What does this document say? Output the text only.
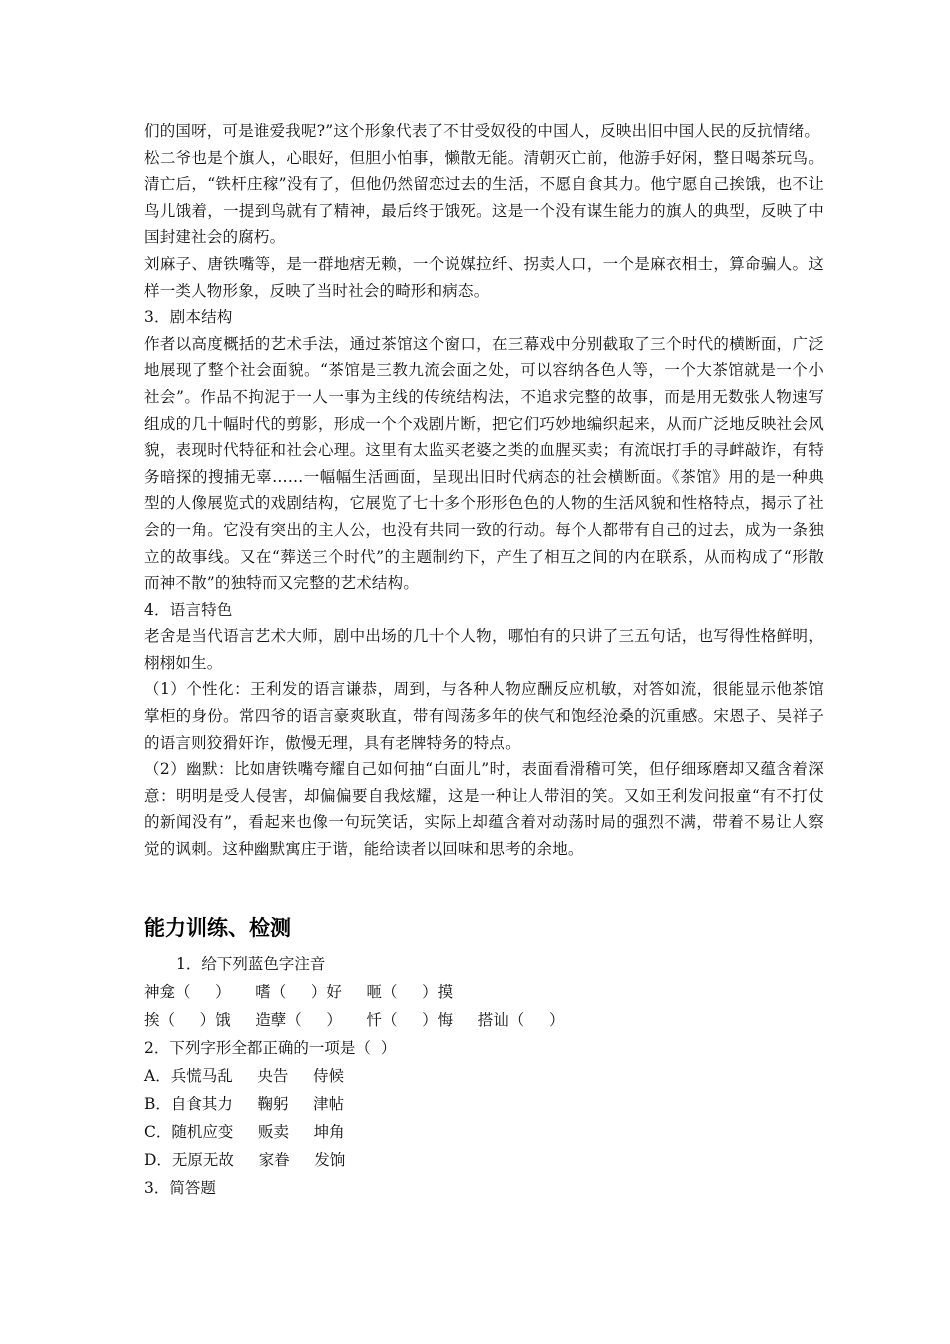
们的国呀，可是谁爱我呢?”这个形象代表了不甘受奴役的中国人，反映出旧中国人民的反抗情绪。

松二爷也是个旗人，心眼好，但胆小怕事，懒散无能。清朝灭亡前，他游手好闲，整日喝茶玩鸟。清亡后，“铁杆庄稼”没有了，但他仍然留恋过去的生活，不愿自食其力。他宁愿自己挨饿，也不让鸟儿饿着，一提到鸟就有了精神，最后终于饿死。这是一个没有谋生能力的旗人的典型，反映了中国封建社会的腐朽。

刘麻子、唐铁嘴等，是一群地痞无赖，一个说媒拉纤、拐卖人口，一个是麻衣相士，算命骗人。这样一类人物形象，反映了当时社会的畸形和病态。

3．剧本结构

作者以高度概括的艺术手法，通过茶馆这个窗口，在三幕戏中分别截取了三个时代的横断面，广泛地展现了整个社会面貌。“茶馆是三教九流会面之处，可以容纳各色人等，一个大茶馆就是一个小社会”。作品不拘泥于一人一事为主线的传统结构法，不追求完整的故事，而是用无数张人物速写组成的几十幅时代的剪影，形成一个个戏剧片断，把它们巧妙地编织起来，从而广泛地反映社会风貌，表现时代特征和社会心理。这里有太监买老婆之类的血腥买卖；有流氓打手的寻衅敲诈，有特务暗探的搜捕无辜……一幅幅生活画面，呈现出旧时代病态的社会横断面。《茶馆》用的是一种典型的人像展览式的戏剧结构，它展览了七十多个形形色色的人物的生活风貌和性格特点，揭示了社会的一角。它没有突出的主人公，也没有共同一致的行动。每个人都带有自己的过去，成为一条独立的故事线。又在“葬送三个时代”的主题制约下，产生了相互之间的内在联系，从而构成了“形散而神不散”的独特而又完整的艺术结构。

4．语言特色

老舍是当代语言艺术大师，剧中出场的几十个人物，哪怕有的只讲了三五句话，也写得性格鲜明，栩栩如生。

（1）个性化：王利发的语言谦恭，周到，与各种人物应酬反应机敏，对答如流，很能显示他茶馆掌柜的身份。常四爷的语言豪爽耿直，带有闯荡多年的侠气和饱经沧桑的沉重感。宋恩子、吴祥子的语言则狡猾奸诈，傲慢无理，具有老牌特务的特点。

（2）幽默：比如唐铁嘴夸耀自己如何抽“白面儿”时，表面看滑稽可笑，但仔细琢磨却又蕴含着深意：明明是受人侵害，却偏偏要自我炫耀，这是一种让人带泪的笑。又如王利发问报童“有不打仗的新闻没有”，看起来也像一句玩笑话，实际上却蕴含着对动荡时局的强烈不满，带着不易让人察觉的讽刺。这种幽默寓庄于谐，能给读者以回味和思考的余地。

能力训练、检测

1．给下列蓝色字注音

神龛（     ）     嗜（     ）好     咂（     ）摸

挨（     ）饿     造孽（     ）     忏（     ）悔     搭讪（     ）

2．下列字形全都正确的一项是（  ）

A．兵慌马乱     央告     侍候

B．自食其力     鞠躬     津帖

C．随机应变     贩卖     坤角

D．无原无故     家眷     发饷

3．简答题
